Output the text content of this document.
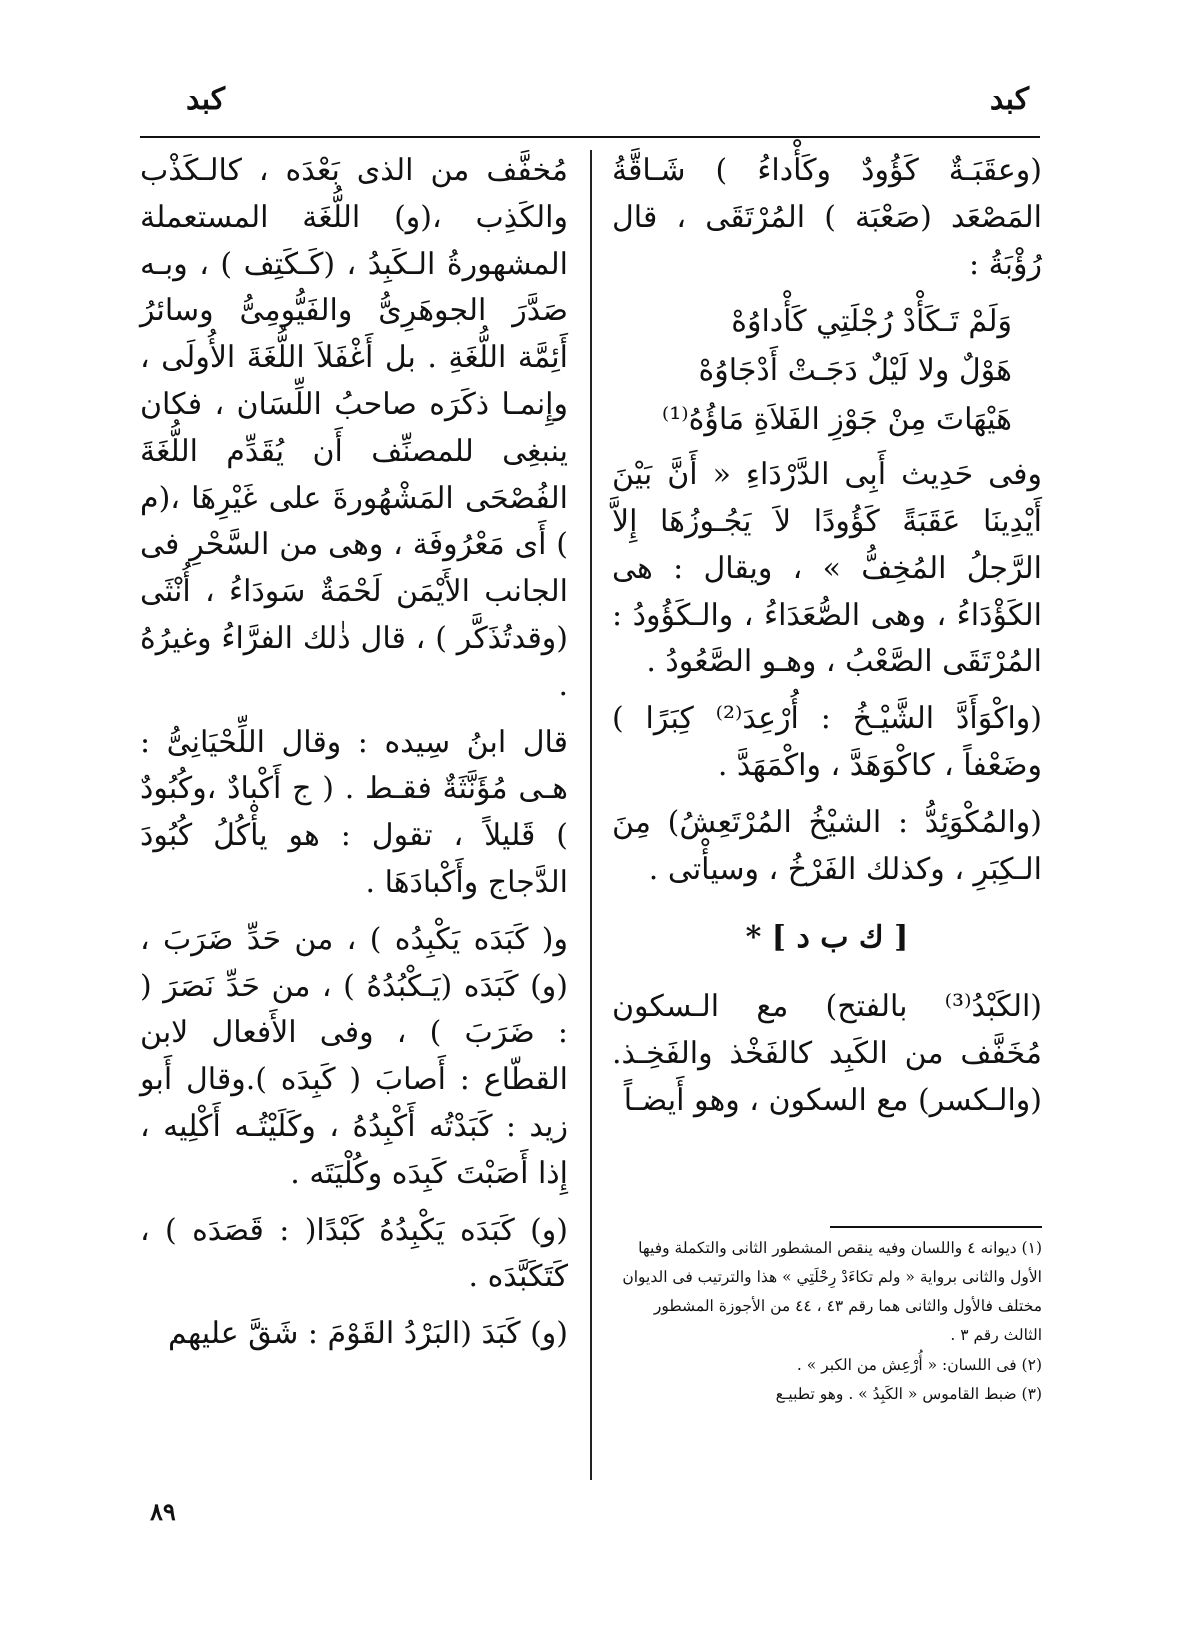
كبد
كبد

(وعقَبَـةٌ كَؤُودٌ وكَأْداءُ ) شَـاقَّةُ المَصْعَد (صَعْبَة ) المُرْتَقَى ، قال رُؤْبَةُ :

وَلَمْ تَـكَأْدْ رُجْلَتِي كَأْداوُهْ
هَوْلٌ ولا لَيْلٌ دَجَـتْ أَدْجَاوُهْ
هَيْهَاتَ مِنْ جَوْزِ الفَلاَةِ مَاؤُهُ⁽¹⁾

وفى حَدِيث أَبِى الدَّرْدَاءِ « أَنَّ بَيْنَ أَيْدِينَا عَقَبَةً كَؤُودًا لاَ يَجُـوزُهَا إِلاَّ الرَّجلُ المُخِفُّ » ، ويقال : هى الكَؤْدَاءُ ، وهى الصُّعَدَاءُ ، والـكَؤُودُ : المُرْتَقَى الصَّعْبُ ، وهـو الصَّعُودُ .

(واكْوَأَدَّ الشَّيْـخُ : أُرْعِدَ⁽²⁾ كِبَرًا ) وضَعْفاً ، كاكْوَهَدَّ ، واكْمَهَدَّ .

(والمُكْوَئِدُّ : الشيْخُ المُرْتَعِشُ) مِنَ الـكِبَرِ ، وكذلك الفَرْخُ ، وسيأْتى .

[ ك ب د ] *

(الكَبْدُ⁽³⁾ بالفتح) مع الـسكون مُخَفَّف من الكَبِد كالفَخْذ والفَخِـذ. (والـكسر) مع السكون ، وهو أَيضـاً

(١) ديوانه ٤ واللسان وفيه ينقص المشطور الثانى والتكملة وفيها الأول والثانى برواية « ولم تكاءَدْ رِحْلَتِي » هذا والترتيب فى الديوان مختلف فالأول والثانى هما رقم ٤٣ ، ٤٤ من الأجوزة المشطور الثالث رقم ٣ .

(٢) فى اللسان: « أُرْعِش من الكبر » .

(٣) ضبط القاموس « الكَبِدُ » . وهو تطبيـع

مُخفَّف من الذى بَعْدَه ، كالـكَذْب والكَذِب ،(و) اللُّغَة المستعملة المشهورةُ الـكَبِدُ ، (كَـكَتِف ) ، وبـه صَدَّرَ الجوهَرِىُّ والفَيُّومِىُّ وسائرُ أَئِمَّة اللُّغَةِ . بل أَغْفَلاَ اللُّغَةَ الأُولَى ، وإِنمـا ذكَرَه صاحبُ اللِّسَان ، فكان ينبغِى للمصنِّف أَن يُقَدِّم اللُّغَةَ الفُصْحَى المَشْهُورةَ على غَيْرِهَا ،(م ) أَى مَعْرُوفَة ، وهى من السَّحْرِ فى الجانب الأَيْمَن لَحْمَةٌ سَودَاءُ ، أُنْثَى (وقدتُذَكَّر ) ، قال ذٰلك الفرَّاءُ وغيرُهُ .

قال ابنُ سِيده : وقال اللِّحْيَانِىُّ : هـى مُؤَنَّثَةٌ فقـط . ( ج أَكْبادٌ ،وكُبُودٌ ) قَليلاً ، تقول : هو يأْكُلُ كُبُودَ الدَّجاج وأَكْبادَهَا .

و( كَبَدَه يَكْبِدُه ) ، من حَدِّ ضَرَبَ ، (و) كَبَدَه (يَـكْبُدُهُ ) ، من حَدِّ نَصَرَ ( : ضَرَبَ ) ، وفى الأَفعال لابن القطّاع : أَصابَ ( كَبِدَه ).وقال أَبو زيد : كَبَدْتُه أَكْبِدُهُ ، وكَلَيْتُـه أَكْلِيه ، إِذا أَصَبْتَ كَبِدَه وكُلْيَتَه .

(و) كَبَدَه يَكْبِدُهُ كَبْدًا( : قَصَدَه ) ، كَتَكَبَّدَه .

(و) كَبَدَ (البَرْدُ القَوْمَ : شَقَّ عليهم

٨٩
